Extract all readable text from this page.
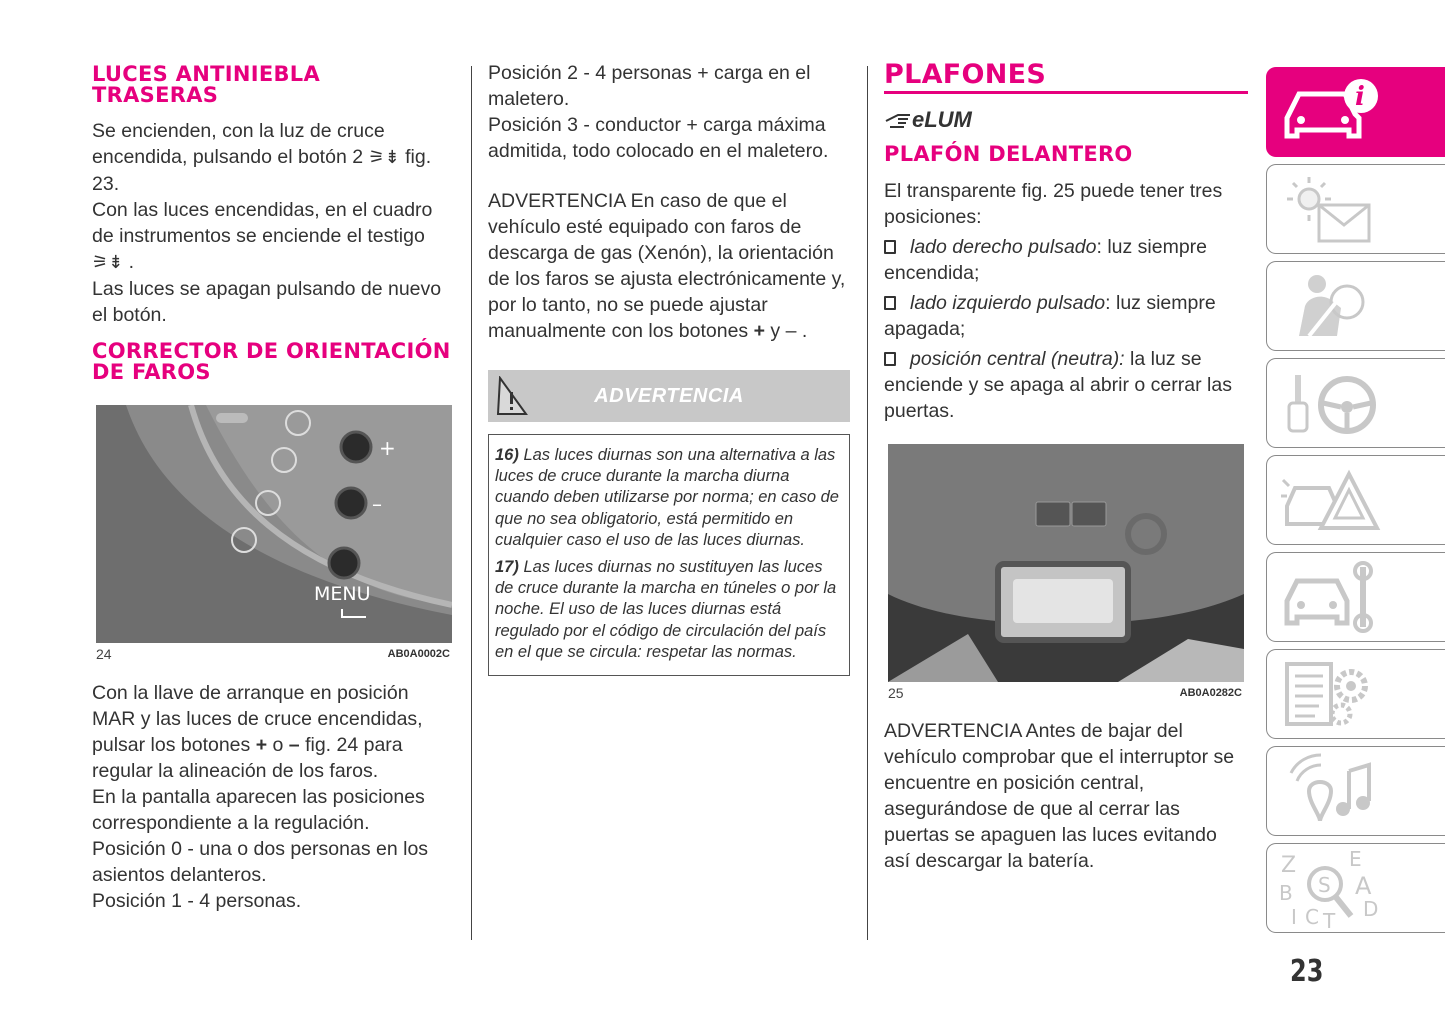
LUCES ANTINIEBLA TRASERAS

Se encienden, con la luz de cruce encendida, pulsando el botón 2 ⚞⇟ fig. 23.

Con las luces encendidas, en el cuadro de instrumentos se enciende el testigo ⚞⇟ .

Las luces se apagan pulsando de nuevo el botón.

CORRECTOR DE ORIENTACIÓN DE FAROS
+
–
MENU
24	AB0A0002C

Con la llave de arranque en posición MAR y las luces de cruce encendidas, pulsar los botones + o – fig. 24 para regular la alineación de los faros.

En la pantalla aparecen las posiciones correspondiente a la regulación.

Posición 0 - una o dos personas en los asientos delanteros.

Posición 1 - 4 personas.

Posición 2 - 4 personas + carga en el maletero.

Posición 3 - conductor + carga máxima admitida, todo colocado en el maletero.

ADVERTENCIA En caso de que el vehículo esté equipado con faros de descarga de gas (Xenón), la orientación de los faros se ajusta electrónicamente y, por lo tanto, no se puede ajustar manualmente con los botones + y – .

ADVERTENCIA

16) Las luces diurnas son una alternativa a las luces de cruce durante la marcha diurna cuando deben utilizarse por norma; en caso de que no sea obligatorio, está permitido en cualquier caso el uso de las luces diurnas.

17) Las luces diurnas no sustituyen las luces de cruce durante la marcha en túneles o por la noche. El uso de las luces diurnas está regulado por el código de circulación del país en el que se circula: respetar las normas.

PLAFONES
eLUM
PLAFÓN DELANTERO

El transparente fig. 25 puede tener tres posiciones:

lado derecho pulsado: luz siempre encendida;

lado izquierdo pulsado: luz siempre apagada;

posición central (neutra): la luz se enciende y se apaga al abrir o cerrar las puertas.

25	AB0A0282C

ADVERTENCIA Antes de bajar del vehículo comprobar que el interruptor se encuentre en posición central, asegurándose de que al cerrar las puertas se apaguen las luces evitando así descargar la batería.

i
Z	E
B	A
C T D
I
S
23
